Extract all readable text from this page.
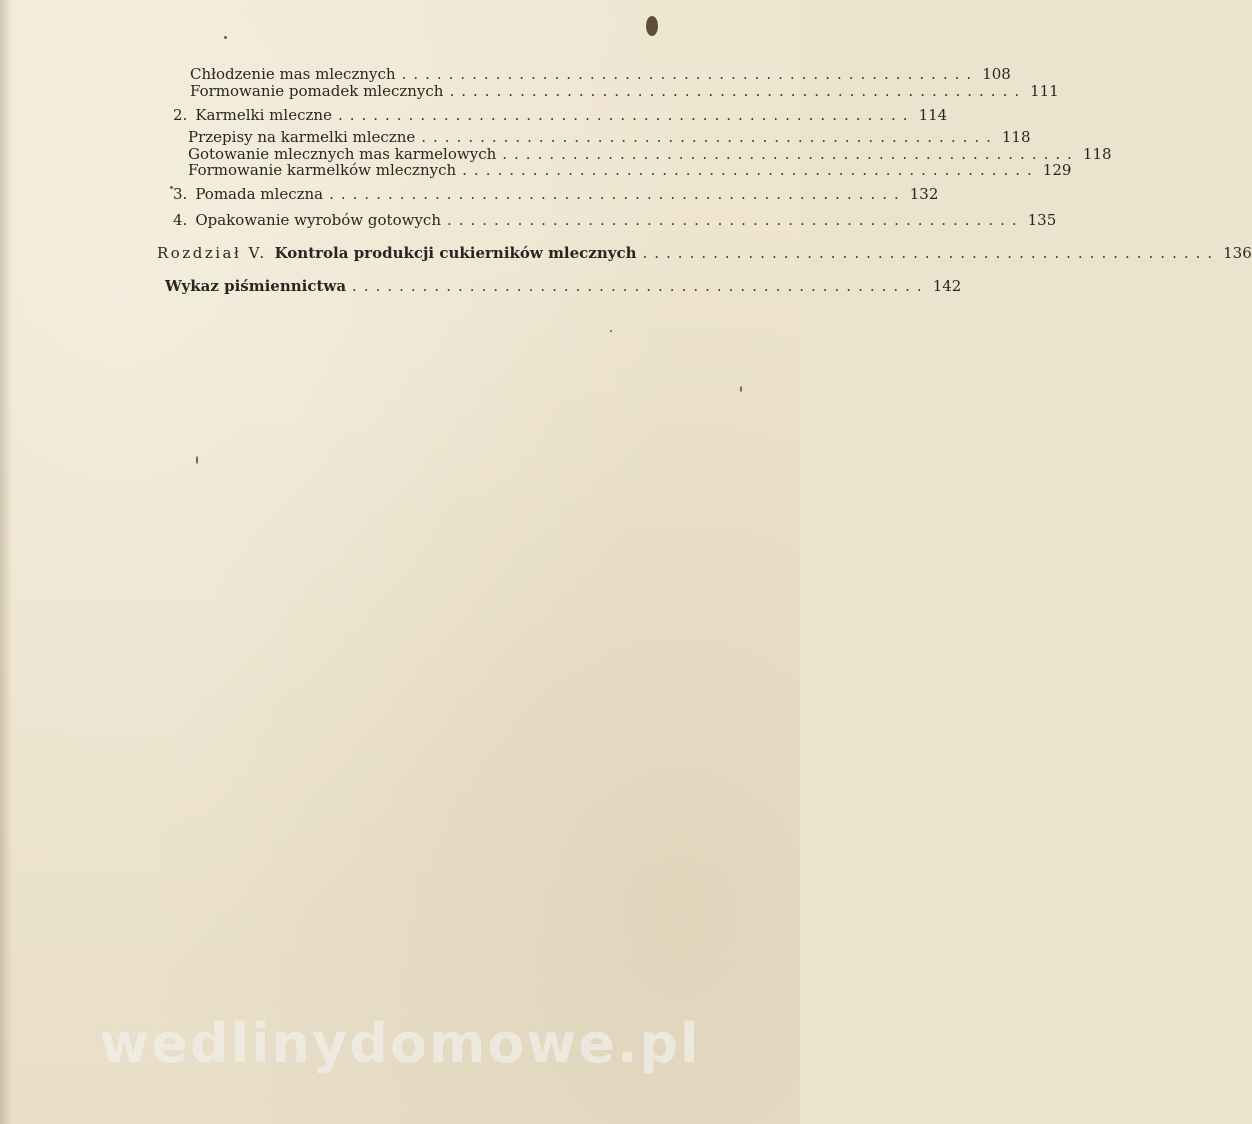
Chłodzenie mas mlecznych ................................................. 108
Formowanie pomadek mlecznych ................................................. 111
2. Karmelki mleczne ................................................. 114
Przepisy na karmelki mleczne ................................................. 118
Gotowanie mlecznych mas karmelowych ................................................. 118
Formowanie karmelków mlecznych ................................................. 129
3. Pomada mleczna ................................................. 132
4. Opakowanie wyrobów gotowych ................................................. 135
Rozdział V. Kontrola produkcji cukierników mlecznych ................................................. 136
Wykaz piśmiennictwa ................................................. 142
wedlinydomowe.pl
